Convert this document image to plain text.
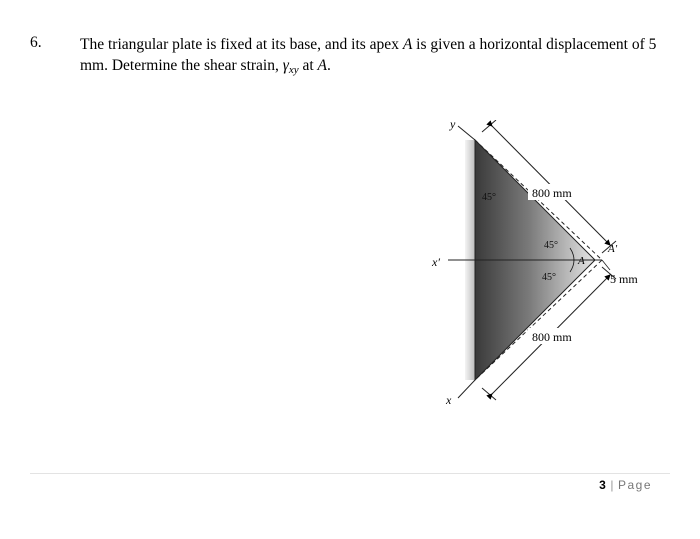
6. The triangular plate is fixed at its base, and its apex A is given a horizontal displacement of 5 mm. Determine the shear strain, $\gamma_{xy}$ at A.
x′
y
x
800 mm
800 mm
45°
45°
45°
A
A′
5 mm
3 | Page
